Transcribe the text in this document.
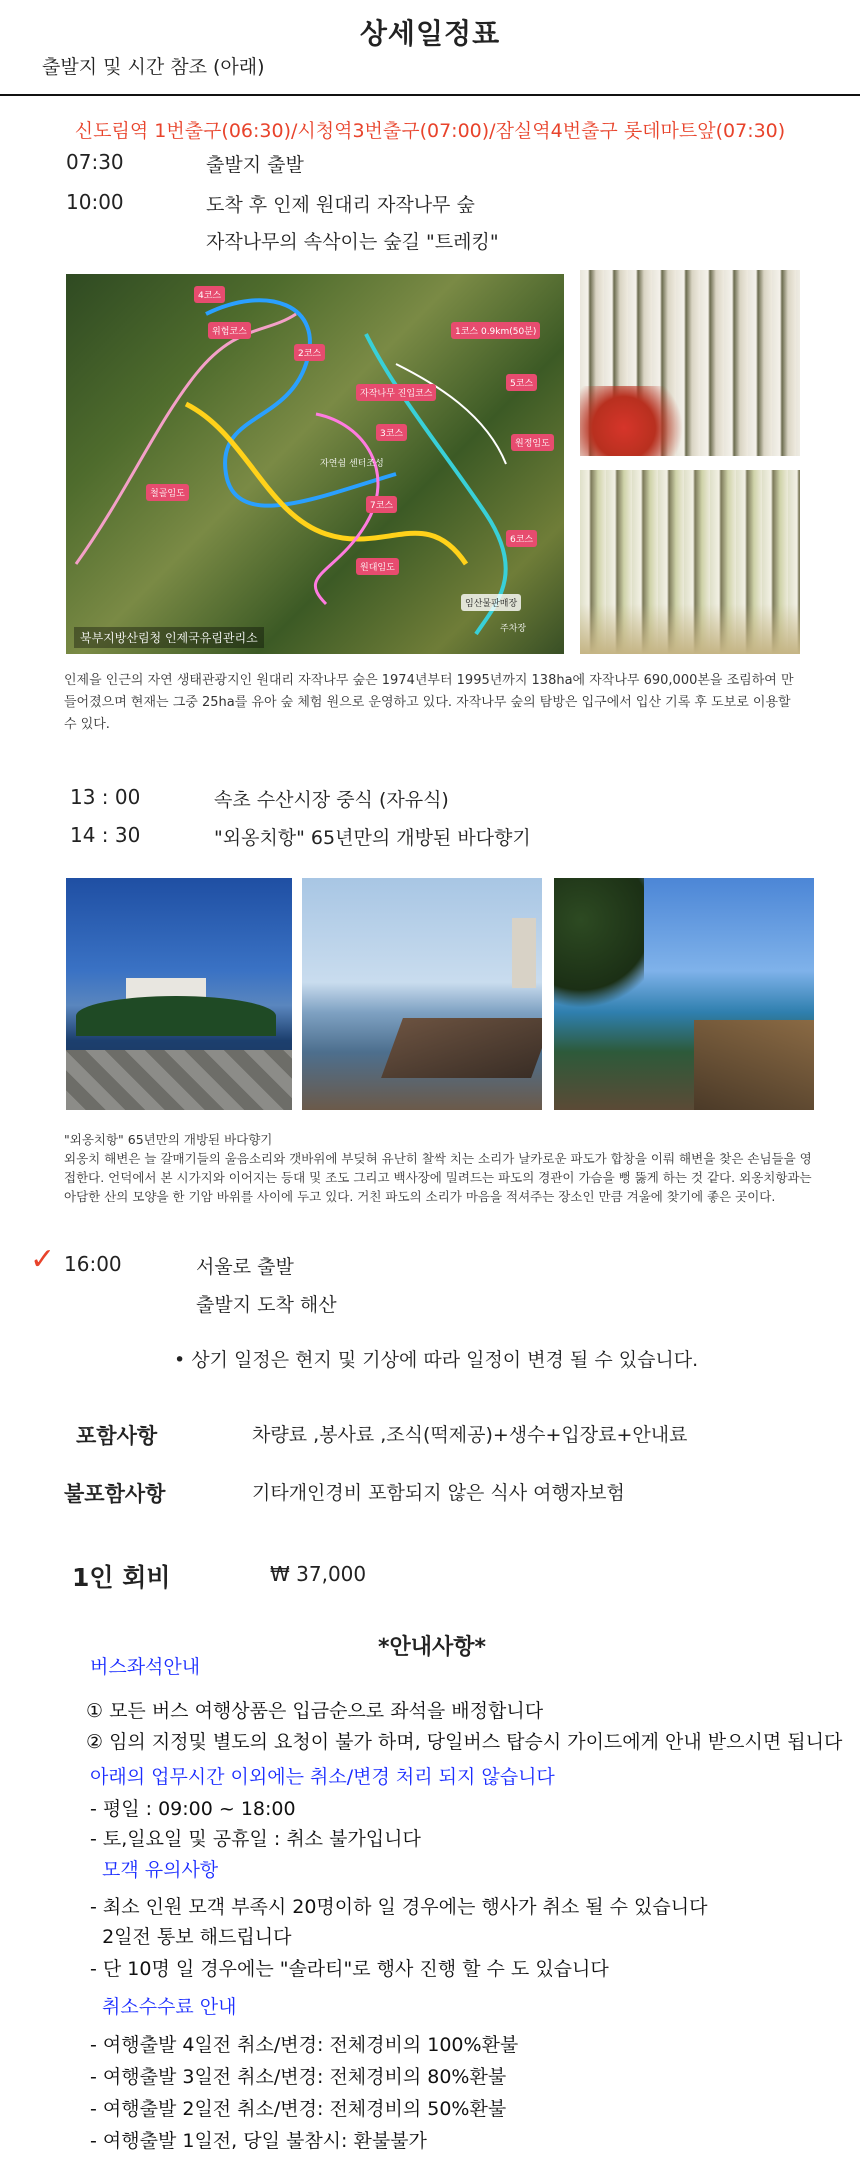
상세일정표
출발지 및 시간 참조 (아래)
신도림역 1번출구(06:30)/시청역3번출구(07:00)/잠실역4번출구 롯데마트앞(07:30)
07:30	출발지 출발
10:00	도착 후 인제 원대리 자작나무 숲
자작나무의 속삭이는 숲길 "트레킹"
4코스
위험코스
2코스
1코스 0.9km(50분)
5코스
자작나무 진입코스
3코스
원정임도
자연쉼 센터조성
7코스
6코스
원대임도
임산물판매장
주차장
철골임도
북부지방산림청 인제국유림관리소
인제을 인근의 자연 생태관광지인 원대리 자작나무 숲은 1974년부터 1995년까지 138ha에 자작나무 690,000본을 조림하여 만들어졌으며 현재는 그중 25ha를 유아 숲 체험 원으로 운영하고 있다. 자작나무 숲의 탐방은 입구에서 입산 기록 후 도보로 이용할 수 있다.
13 : 00	속초 수산시장 중식 (자유식)
14 : 30	"외옹치항" 65년만의 개방된 바다향기
"외옹치항" 65년만의 개방된 바다향기
외옹치 해변은 늘 갈매기들의 울음소리와 갯바위에 부딪혀 유난히 찰싹 치는 소리가 날카로운 파도가 합창을 이뤄 해변을 찾은 손님들을 영접한다. 언덕에서 본 시가지와 이어지는 등대 및 조도 그리고 백사장에 밀려드는 파도의 경관이 가슴을 뻥 뚫게 하는 것 같다. 외옹치항과는 아담한 산의 모양을 한 기암 바위를 사이에 두고 있다. 거친 파도의 소리가 마음을 적셔주는 장소인 만큼 겨울에 찾기에 좋은 곳이다.
✓ 16:00	서울로 출발
출발지 도착 해산
• 상기 일정은 현지 및 기상에 따라 일정이 변경 될 수 있습니다.
포함사항	차량료 ,봉사료 ,조식(떡제공)+생수+입장료+안내료
불포함사항	기타개인경비 포함되지 않은 식사 여행자보험
1인 회비	₩ 37,000
*안내사항*
버스좌석안내
① 모든 버스 여행상품은 입금순으로 좌석을 배정합니다
② 임의 지정및 별도의 요청이 불가 하며, 당일버스 탑승시 가이드에게 안내 받으시면 됩니다
아래의 업무시간 이외에는 취소/변경 처리 되지 않습니다
- 평일 : 09:00 ~ 18:00
- 토,일요일 및 공휴일 : 취소 불가입니다
모객 유의사항
- 최소 인원 모객 부족시 20명이하 일 경우에는 행사가 취소 될 수 있습니다
2일전 통보 해드립니다
- 단 10명 일 경우에는 "솔라티"로 행사 진행 할 수 도 있습니다
취소수수료 안내
- 여행출발 4일전 취소/변경: 전체경비의 100%환불
- 여행출발 3일전 취소/변경: 전체경비의 80%환불
- 여행출발 2일전 취소/변경: 전체경비의 50%환불
- 여행출발 1일전, 당일 불참시: 환불불가
